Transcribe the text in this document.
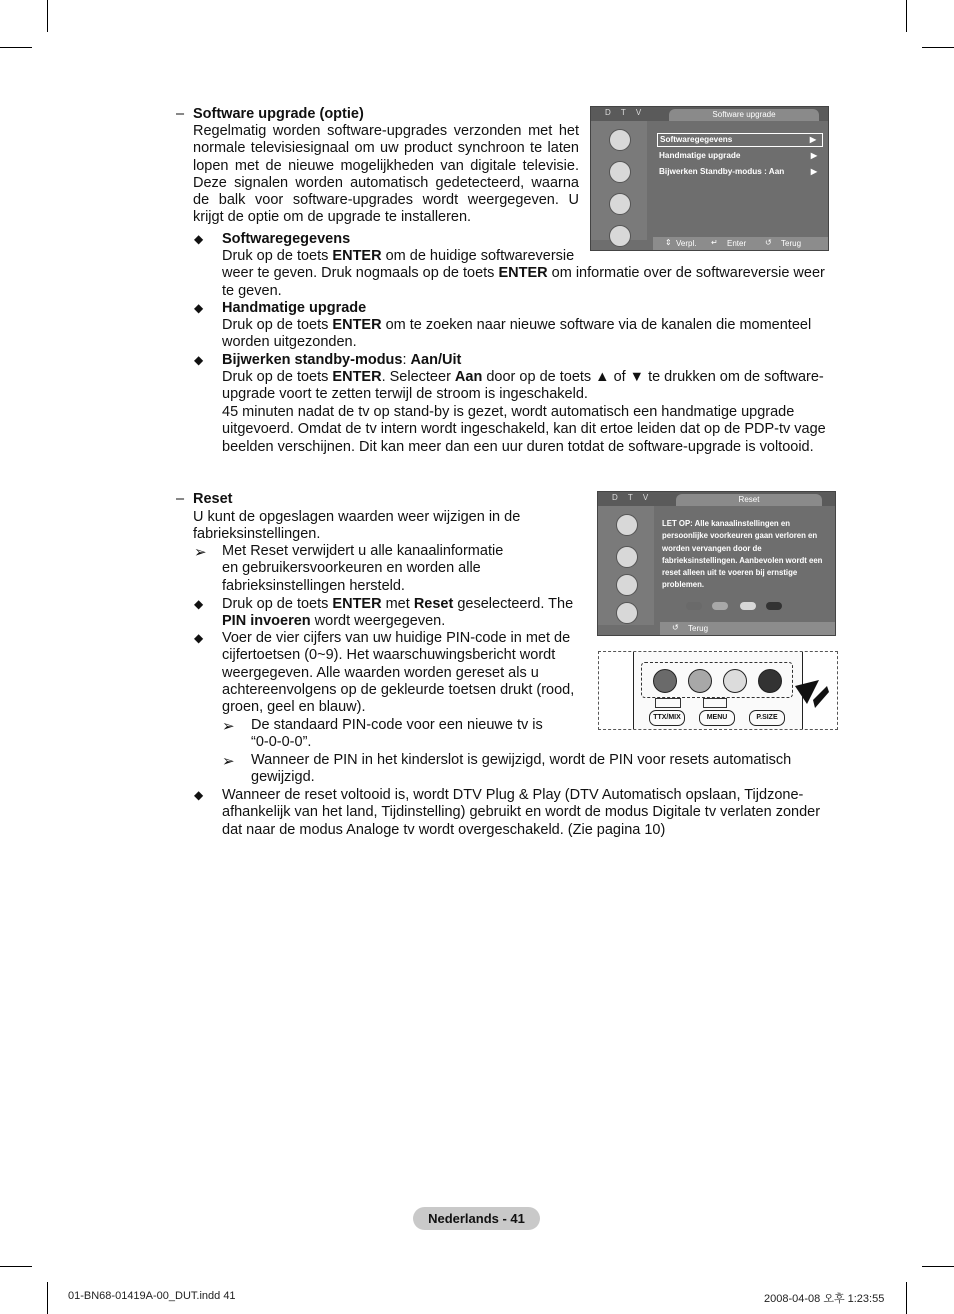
– Software upgrade (optie)
Regelmatig worden software-upgrades verzonden met het normale televisiesignaal om uw product synchroon te laten lopen met de nieuwe mogelijkheden van digitale televisie. Deze signalen worden automatisch gedetecteerd, waarna de balk voor software-upgrades wordt weergegeven. U krijgt de optie om de upgrade te installeren.
◆ Softwaregegevens
Druk op de toets ENTER om de huidige softwareversie
weer te geven. Druk nogmaals op de toets ENTER om informatie over de softwareversie weer
te geven.
◆ Handmatige upgrade
Druk op de toets ENTER om te zoeken naar nieuwe software via de kanalen die momenteel worden uitgezonden.
◆ Bijwerken standby-modus: Aan/Uit
Druk op de toets ENTER. Selecteer Aan door op de toets ▲ of ▼ te drukken om de software-upgrade voort te zetten terwijl de stroom is ingeschakeld.
45 minuten nadat de tv op stand-by is gezet, wordt automatisch een handmatige upgrade uitgevoerd. Omdat de tv intern wordt ingeschakeld, kan dit ertoe leiden dat op de PDP-tv vage beelden verschijnen. Dit kan meer dan een uur duren totdat de software-upgrade is voltooid.
D T V	Software upgrade
Softwaregegevens	▶
Handmatige upgrade	▶
Bijwerken Standby-modus : Aan	▶
⇕ Verpl. ↵ Enter ↺ Terug
– Reset
U kunt de opgeslagen waarden weer wijzigen in de fabrieksinstellingen.
➢ Met Reset verwijdert u alle kanaalinformatie en gebruikersvoorkeuren en worden alle fabrieksinstellingen hersteld.
◆ Druk op de toets ENTER met Reset geselecteerd. The PIN invoeren wordt weergegeven.
◆ Voer de vier cijfers van uw huidige PIN-code in met de cijfertoetsen (0~9). Het waarschuwingsbericht wordt weergegeven. Alle waarden worden gereset als u achtereenvolgens op de gekleurde toetsen drukt (rood, groen, geel en blauw).
➢ De standaard PIN-code voor een nieuwe tv is “0-0-0-0”.
➢ Wanneer de PIN in het kinderslot is gewijzigd, wordt de PIN voor resets automatisch gewijzigd.
◆ Wanneer de reset voltooid is, wordt DTV Plug & Play (DTV Automatisch opslaan, Tijdzone-afhankelijk van het land, Tijdinstelling) gebruikt en wordt de modus Digitale tv verlaten zonder dat naar de modus Analoge tv wordt overgeschakeld. (Zie pagina 10)
D T V	Reset
LET OP: Alle kanaalinstellingen en persoonlijke voorkeuren gaan verloren en worden vervangen door de fabrieksinstellingen. Aanbevolen wordt een reset alleen uit te voeren bij ernstige problemen.
↺ Terug
TTX/MIX	MENU	P.SIZE
Nederlands - 41
01-BN68-01419A-00_DUT.indd 41	2008-04-08 오후 1:23:55
